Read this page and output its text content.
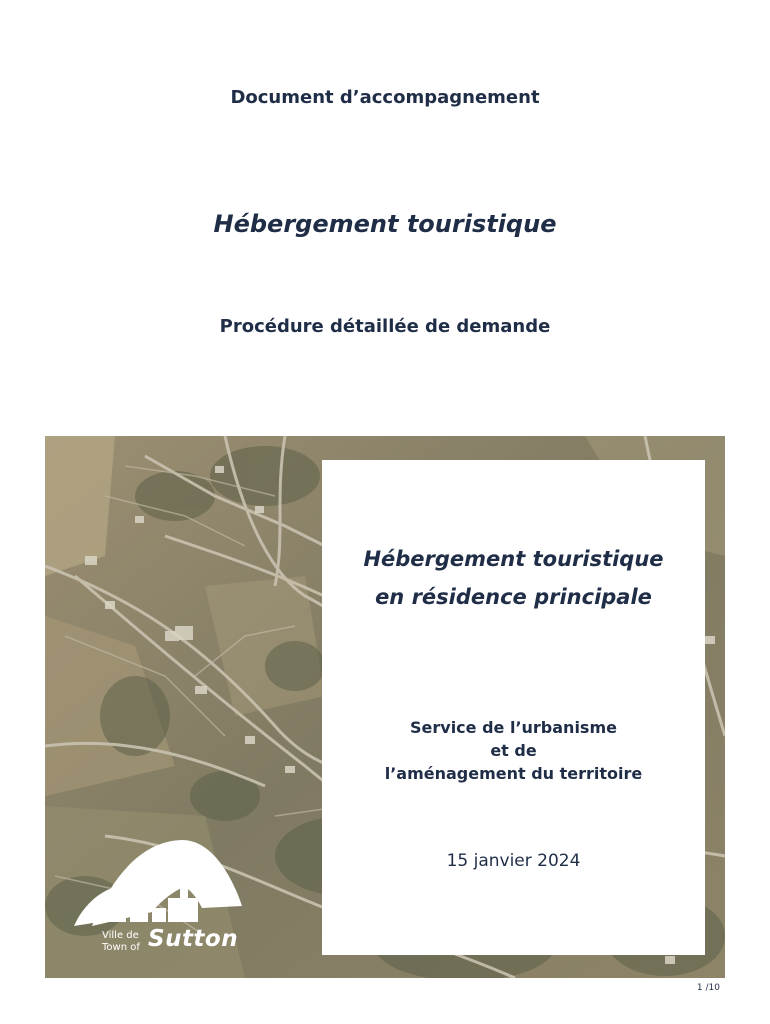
Document d’accompagnement

Hébergement touristique

Procédure détaillée de demande

Hébergement touristique

en résidence principale

Service de l’urbanisme

et de

l’aménagement du territoire

15 janvier 2024

Ville de
Town of Sutton
1 /10
